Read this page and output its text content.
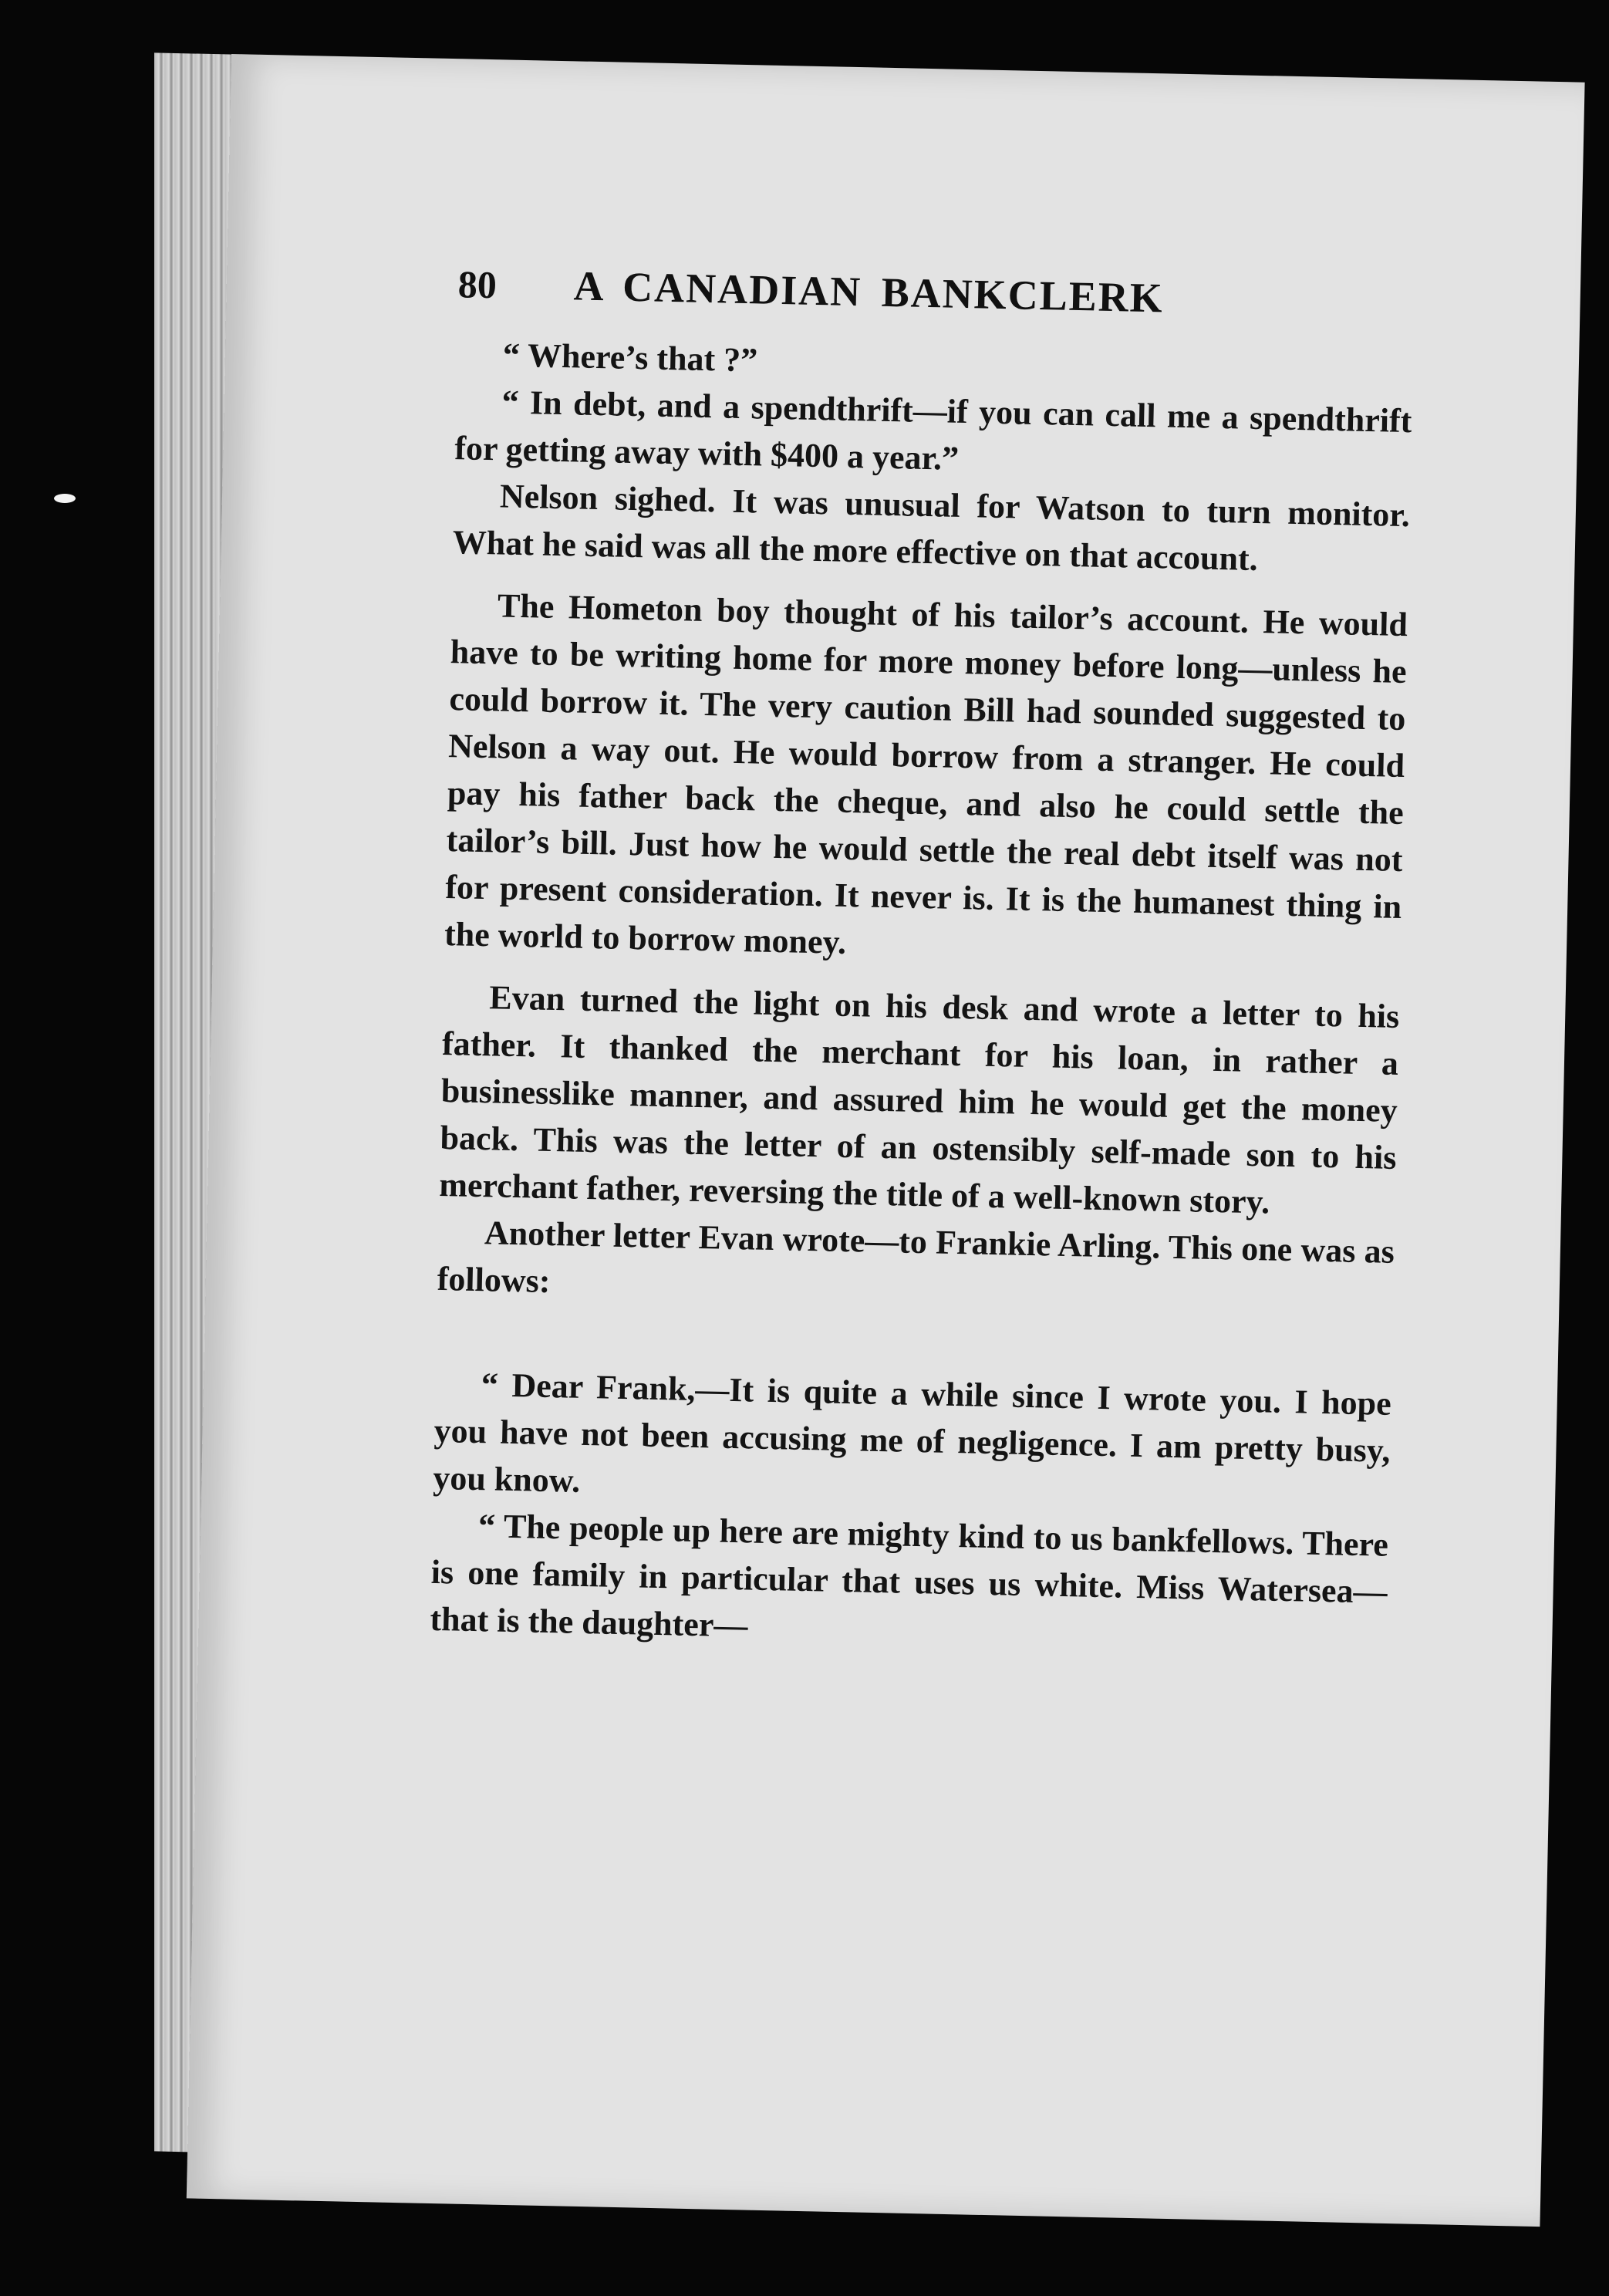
80	A CANADIAN BANKCLERK

“ Where’s that ?”

“ In debt, and a spendthrift—if you can call me a spendthrift for getting away with $400 a year.”

Nelson sighed. It was unusual for Watson to turn monitor. What he said was all the more effective on that account.

The Hometon boy thought of his tailor’s account. He would have to be writing home for more money before long—unless he could borrow it. The very caution Bill had sounded suggested to Nelson a way out. He would borrow from a stranger. He could pay his father back the cheque, and also he could settle the tailor’s bill. Just how he would settle the real debt itself was not for present consideration. It never is. It is the humanest thing in the world to borrow money.

Evan turned the light on his desk and wrote a letter to his father. It thanked the merchant for his loan, in rather a businesslike manner, and assured him he would get the money back. This was the letter of an ostensibly self-made son to his merchant father, reversing the title of a well-known story.

Another letter Evan wrote—to Frankie Arling. This one was as follows:

“ Dear Frank,—It is quite a while since I wrote you. I hope you have not been accusing me of negligence. I am pretty busy, you know.

“ The people up here are mighty kind to us bankfellows. There is one family in particular that uses us white. Miss Watersea—that is the daughter—
